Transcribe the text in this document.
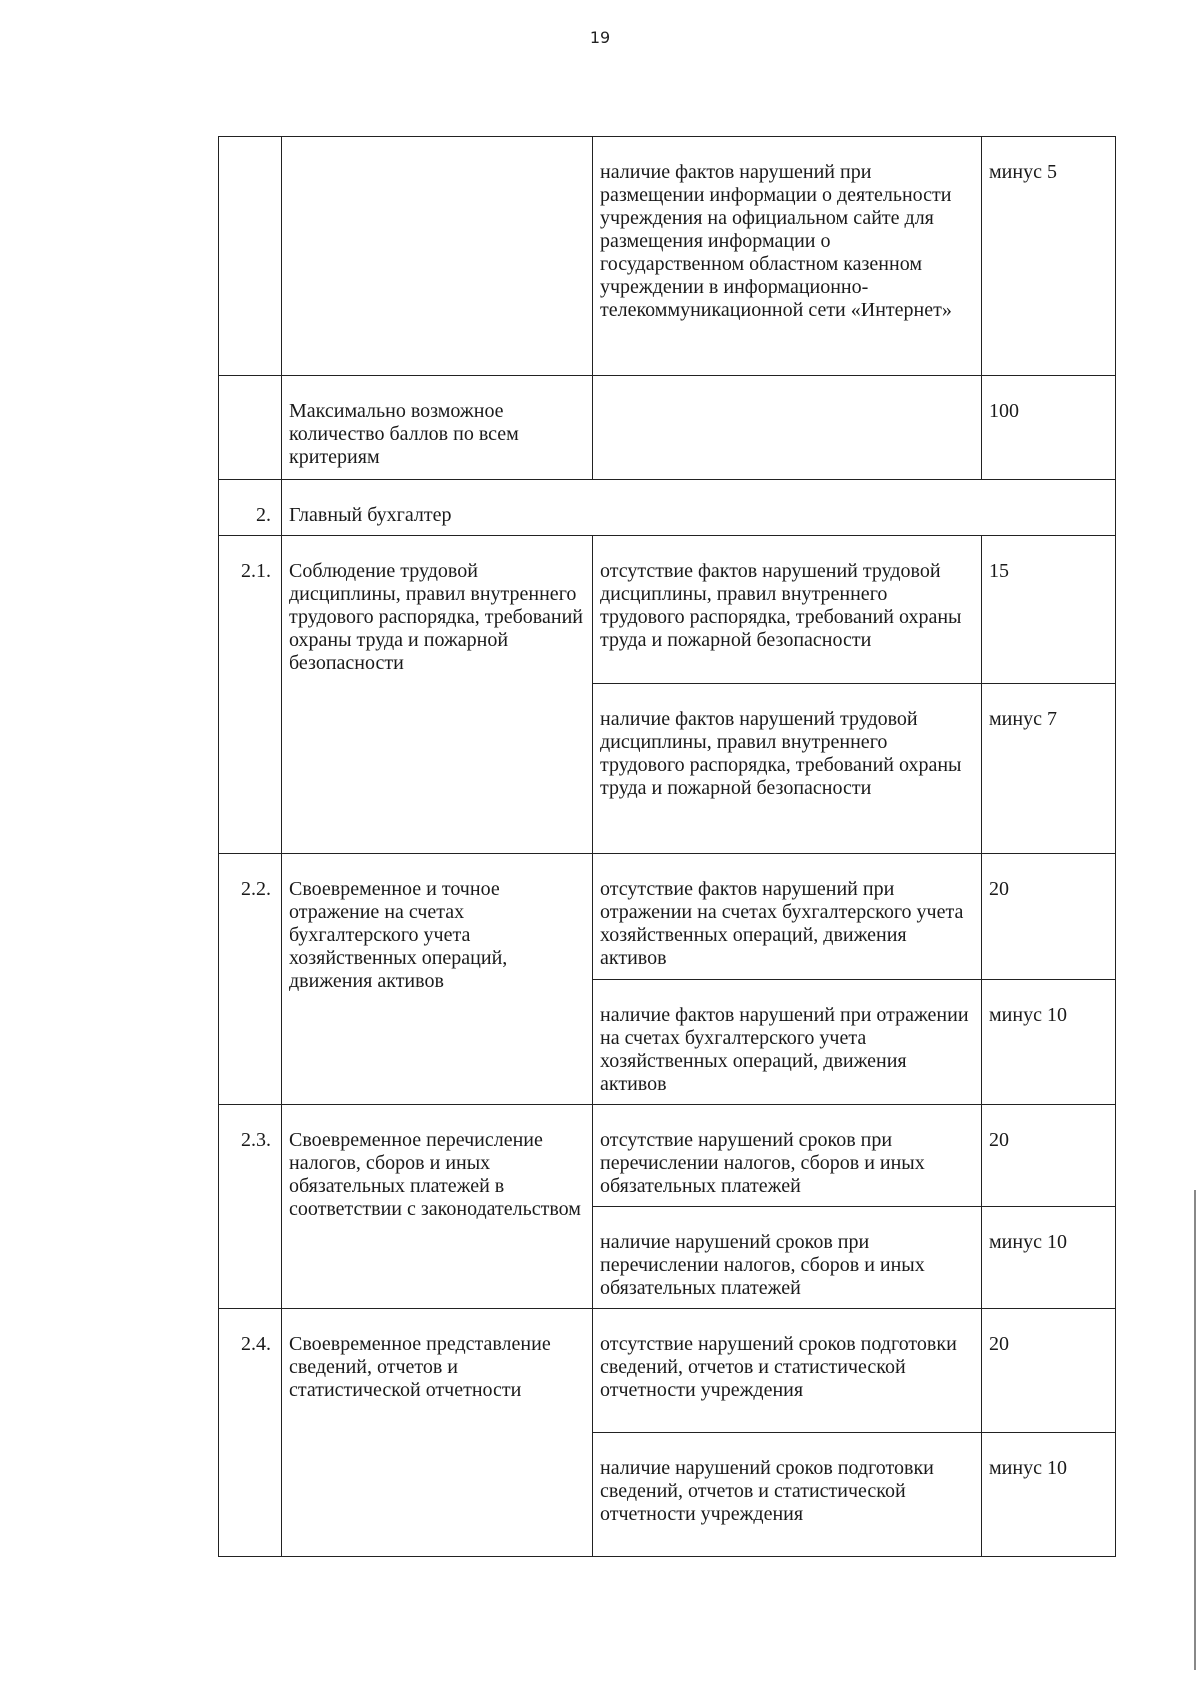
19
		наличие фактов нарушений при размещении информации о деятельности учреждения на официальном сайте для размещения информации о государственном областном казенном учреждении в информационно-телекоммуникационной сети «Интернет»	минус 5
	Максимально возможное количество баллов по всем критериям		100
2.	Главный бухгалтер		
2.1.	Соблюдение трудовой дисциплины, правил внутреннего трудового распорядка, требований охраны труда и пожарной безопасности	отсутствие фактов нарушений трудовой дисциплины, правил внутреннего трудового распорядка, требований охраны труда и пожарной безопасности	15
		наличие фактов нарушений трудовой дисциплины, правил внутреннего трудового распорядка, требований охраны труда и пожарной безопасности	минус 7
2.2.	Своевременное и точное отражение на счетах бухгалтерского учета хозяйственных операций, движения активов	отсутствие фактов нарушений при отражении на счетах бухгалтерского учета хозяйственных операций, движения активов	20
		наличие фактов нарушений при отражении на счетах бухгалтерского учета хозяйственных операций, движения активов	минус 10
2.3.	Своевременное перечисление налогов, сборов и иных обязательных платежей в соответствии с законодательством	отсутствие нарушений сроков при перечислении налогов, сборов и иных обязательных платежей	20
		наличие нарушений сроков при перечислении налогов, сборов и иных обязательных платежей	минус 10
2.4.	Своевременное представление сведений, отчетов и статистической отчетности	отсутствие нарушений сроков подготовки сведений, отчетов и статистической отчетности учреждения	20
		наличие нарушений сроков подготовки сведений, отчетов и статистической отчетности учреждения	минус 10
